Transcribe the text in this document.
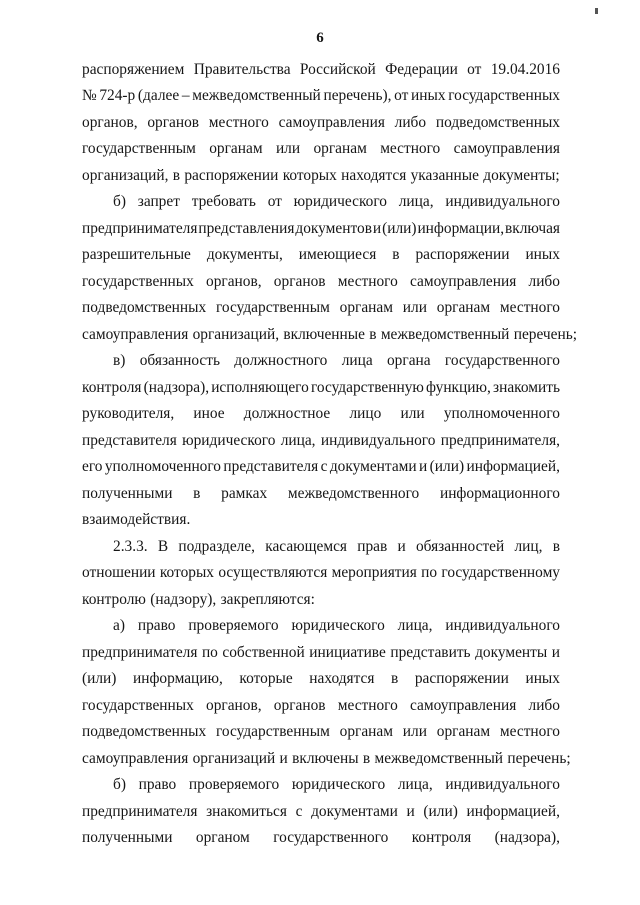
6
распоряжением Правительства Российской Федерации от 19.04.2016
№ 724-р (далее – межведомственный перечень), от иных государственных
органов, органов местного самоуправления либо подведомственных
государственным органам или органам местного самоуправления
организаций, в распоряжении которых находятся указанные документы;
б) запрет требовать от юридического лица, индивидуального
предпринимателя представления документов и (или) информации, включая
разрешительные документы, имеющиеся в распоряжении иных
государственных органов, органов местного самоуправления либо
подведомственных государственным органам или органам местного
самоуправления организаций, включенные в межведомственный перечень;
в) обязанность должностного лица органа государственного
контроля (надзора), исполняющего государственную функцию, знакомить
руководителя, иное должностное лицо или уполномоченного
представителя юридического лица, индивидуального предпринимателя,
его уполномоченного представителя с документами и (или) информацией,
полученными в рамках межведомственного информационного
взаимодействия.
2.3.3. В подразделе, касающемся прав и обязанностей лиц, в
отношении которых осуществляются мероприятия по государственному
контролю (надзору), закрепляются:
а) право проверяемого юридического лица, индивидуального
предпринимателя по собственной инициативе представить документы и
(или) информацию, которые находятся в распоряжении иных
государственных органов, органов местного самоуправления либо
подведомственных государственным органам или органам местного
самоуправления организаций и включены в межведомственный перечень;
б) право проверяемого юридического лица, индивидуального
предпринимателя знакомиться с документами и (или) информацией,
полученными органом государственного контроля (надзора),
